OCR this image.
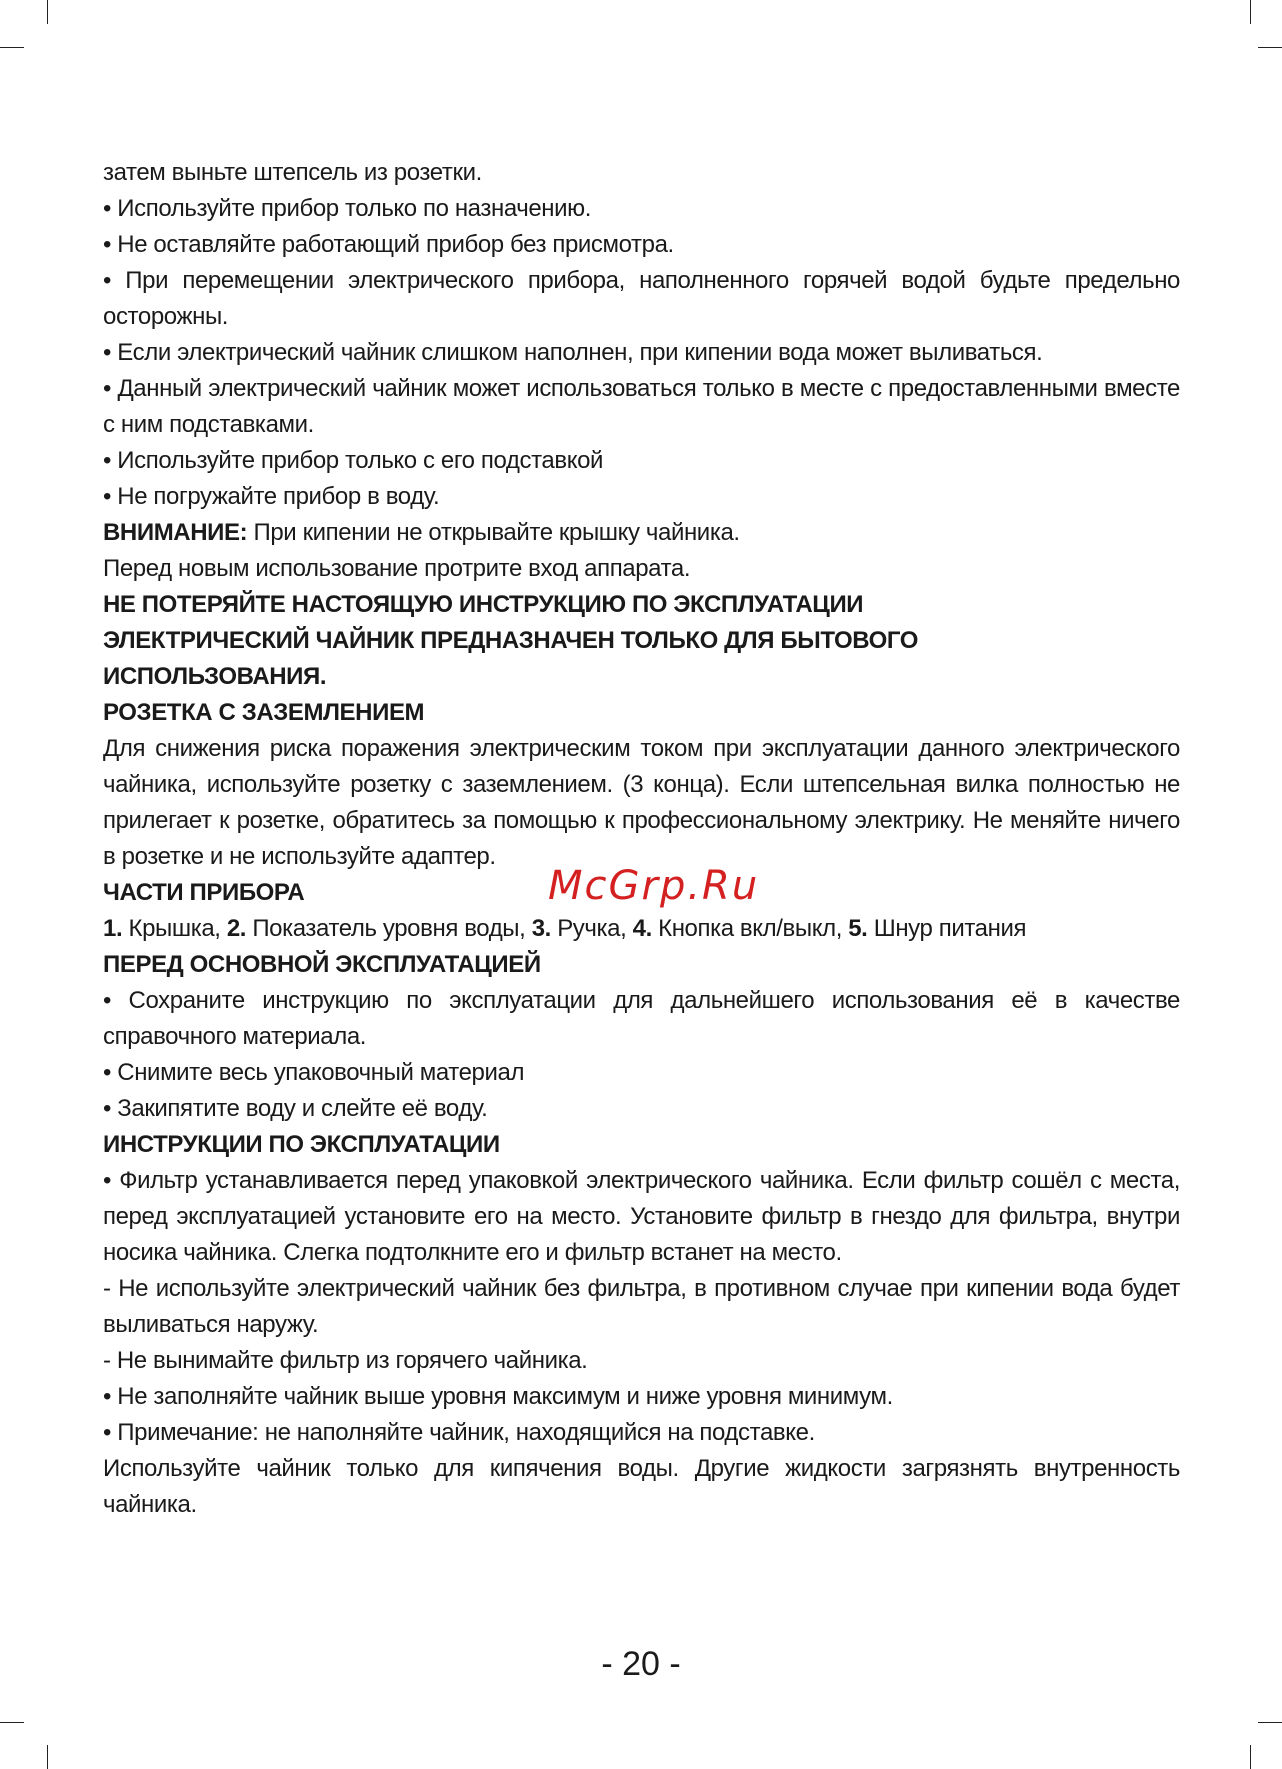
затем выньте штепсель из розетки.

• Используйте прибор только по назначению.

• Не оставляйте работающий прибор без присмотра.

• При перемещении электрического прибора, наполненного горячей водой будьте предельно осторожны.

• Если электрический чайник слишком наполнен, при кипении вода может выливаться.

• Данный электрический чайник может использоваться только в месте с предоставленными вместе с ним подставками.

• Используйте прибор только с его подставкой

• Не погружайте прибор в воду.

ВНИМАНИЕ: При кипении не открывайте крышку чайника.

Перед новым использование протрите вход аппарата.

НЕ ПОТЕРЯЙТЕ НАСТОЯЩУЮ ИНСТРУКЦИЮ ПО ЭКСПЛУАТАЦИИ

ЭЛЕКТРИЧЕСКИЙ ЧАЙНИК ПРЕДНАЗНАЧЕН ТОЛЬКО ДЛЯ БЫТОВОГО

ИСПОЛЬЗОВАНИЯ.

РОЗЕТКА С ЗАЗЕМЛЕНИЕМ

Для снижения риска поражения электрическим током при эксплуатации данного электрического чайника, используйте розетку с заземлением. (3 конца). Если штепсельная вилка полностью не прилегает к розетке, обратитесь за помощью к профессиональному электрику. Не меняйте ничего в розетке и не используйте адаптер.

ЧАСТИ ПРИБОРА

1. Крышка, 2. Показатель уровня воды, 3. Ручка, 4. Кнопка вкл/выкл, 5. Шнур питания

ПЕРЕД ОСНОВНОЙ ЭКСПЛУАТАЦИЕЙ

• Сохраните инструкцию по эксплуатации для дальнейшего использования её в качестве справочного материала.

• Снимите весь упаковочный материал

• Закипятите воду и слейте её воду.

ИНСТРУКЦИИ ПО ЭКСПЛУАТАЦИИ

• Фильтр устанавливается перед упаковкой электрического чайника. Если фильтр сошёл с места, перед эксплуатацией установите его на место. Установите фильтр в гнездо для фильтра, внутри носика чайника. Слегка подтолкните его и фильтр встанет на место.

- Не используйте электрический чайник без фильтра, в противном случае при кипении вода будет выливаться наружу.

- Не вынимайте фильтр из горячего чайника.

• Не заполняйте чайник выше уровня максимум и ниже уровня минимум.

• Примечание: не наполняйте чайник, находящийся на подставке.

Используйте чайник только для кипячения воды. Другие жидкости загрязнять внутренность чайника.

McGrp.Ru
- 20 -
